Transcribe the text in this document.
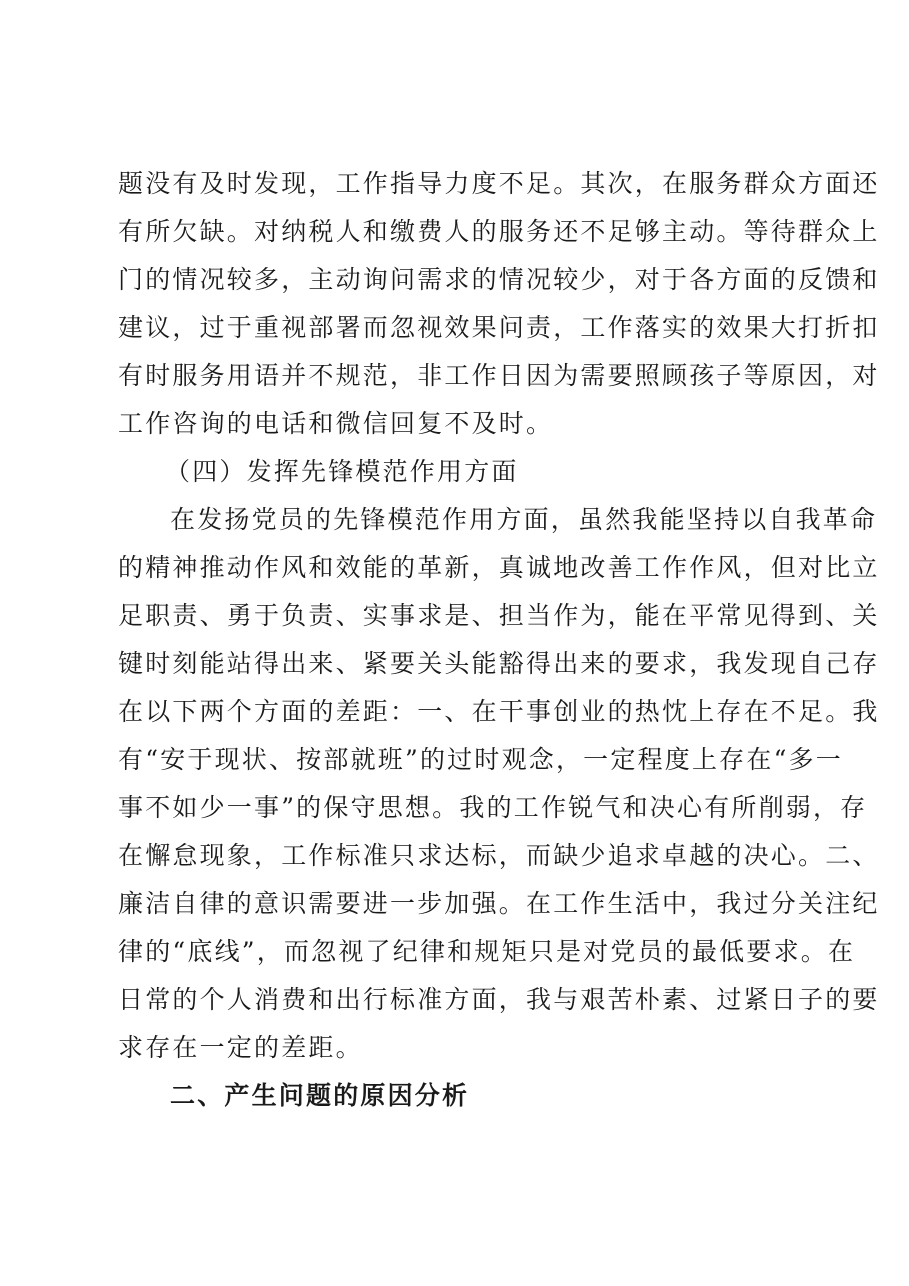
题没有及时发现，工作指导力度不足。其次，在服务群众方面还
有所欠缺。对纳税人和缴费人的服务还不足够主动。等待群众上
门的情况较多，主动询问需求的情况较少，对于各方面的反馈和
建议，过于重视部署而忽视效果问责，工作落实的效果大打折扣
有时服务用语并不规范，非工作日因为需要照顾孩子等原因，对
工作咨询的电话和微信回复不及时。
（四）发挥先锋模范作用方面
在发扬党员的先锋模范作用方面，虽然我能坚持以自我革命
的精神推动作风和效能的革新，真诚地改善工作作风，但对比立
足职责、勇于负责、实事求是、担当作为，能在平常见得到、关
键时刻能站得出来、紧要关头能豁得出来的要求，我发现自己存
在以下两个方面的差距：一、在干事创业的热忱上存在不足。我
有“安于现状、按部就班”的过时观念，一定程度上存在“多一
事不如少一事”的保守思想。我的工作锐气和决心有所削弱，存
在懈怠现象，工作标准只求达标，而缺少追求卓越的决心。二、
廉洁自律的意识需要进一步加强。在工作生活中，我过分关注纪
律的“底线”，而忽视了纪律和规矩只是对党员的最低要求。在
日常的个人消费和出行标准方面，我与艰苦朴素、过紧日子的要
求存在一定的差距。
二、产生问题的原因分析
